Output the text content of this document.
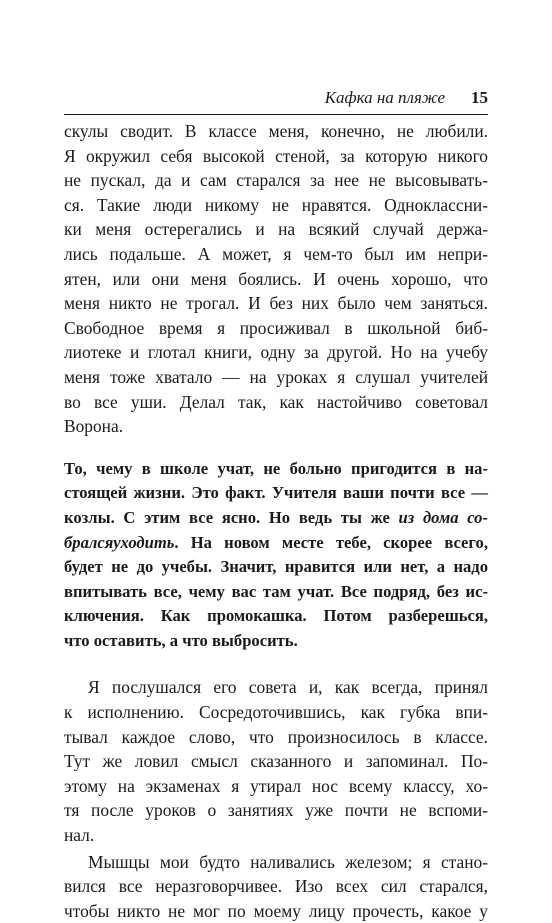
Кафка на пляже 15

скулы сводит. В классе меня, конечно, не любили.
Я окружил себя высокой стеной, за которую никого
не пускал, да и сам старался за нее не высовывать-
ся. Такие люди никому не нравятся. Одноклассни-
ки меня остерегались и на всякий случай держа-
лись подальше. А может, я чем-то был им непри-
ятен, или они меня боялись. И очень хорошо, что
меня никто не трогал. И без них было чем заняться.
Свободное время я просиживал в школьной биб-
лиотеке и глотал книги, одну за другой. Но на учебу
меня тоже хватало — на уроках я слушал учителей
во все уши. Делал так, как настойчиво советовал
Ворона.

То, чему в школе учат, не больно пригодится в на-
стоящей жизни. Это факт. Учителя ваши почти все —
козлы. С этим все ясно. Но ведь ты же из дома со-
бралсяуходить. На новом месте тебе, скорее всего,
будет не до учебы. Значит, нравится или нет, а надо
впитывать все, чему вас там учат. Все подряд, без ис-
ключения. Как промокашка. Потом разберешься,
что оставить, а что выбросить.

Я послушался его совета и, как всегда, принял
к исполнению. Сосредоточившись, как губка впи-
тывал каждое слово, что произносилось в классе.
Тут же ловил смысл сказанного и запоминал. По-
этому на экзаменах я утирал нос всему классу, хо-
тя после уроков о занятиях уже почти не вспоми-
нал.

Мышцы мои будто наливались железом; я стано-
вился все неразговорчивее. Изо всех сил старался,
чтобы никто не мог по моему лицу прочесть, какое у
